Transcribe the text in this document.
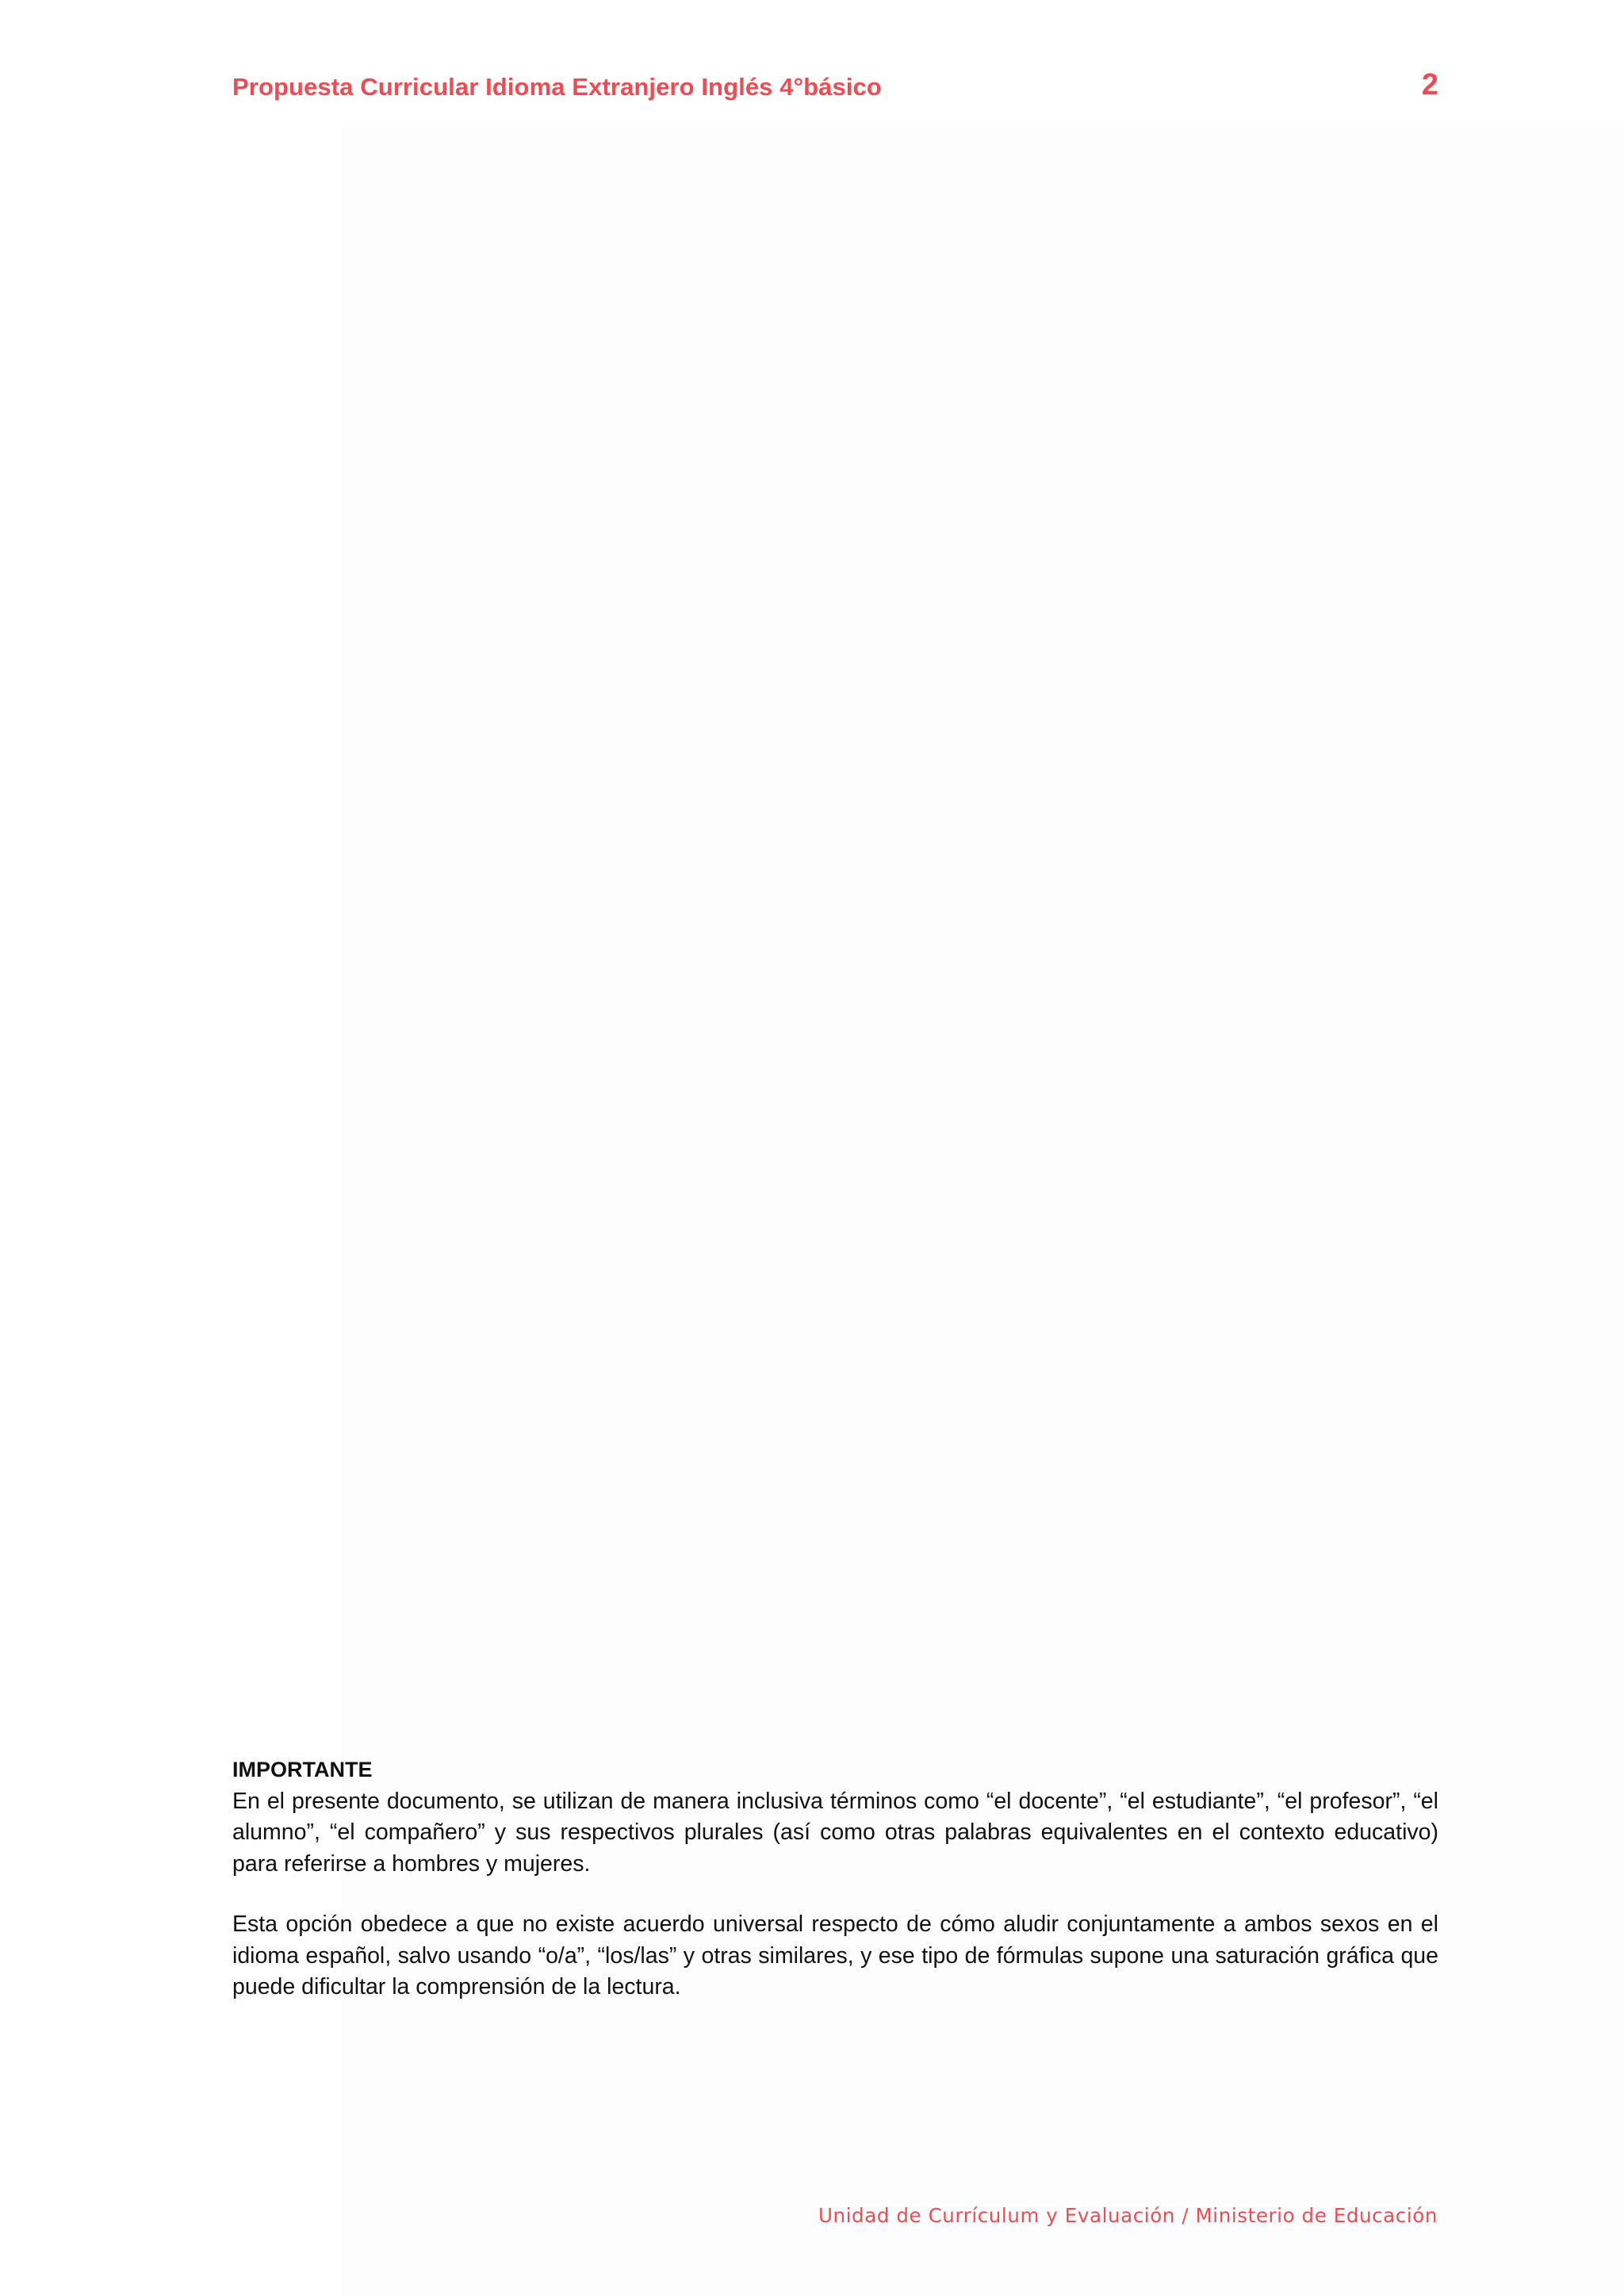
Propuesta Curricular Idioma Extranjero Inglés 4°básico	2
IMPORTANTE

En el presente documento, se utilizan de manera inclusiva términos como “el docente”, “el estudiante”, “el profesor”, “el alumno”, “el compañero” y sus respectivos plurales (así como otras palabras equivalentes en el contexto educativo) para referirse a hombres y mujeres.

Esta opción obedece a que no existe acuerdo universal respecto de cómo aludir conjuntamente a ambos sexos en el idioma español, salvo usando “o/a”, “los/las” y otras similares, y ese tipo de fórmulas supone una saturación gráfica que puede dificultar la comprensión de la lectura.

Unidad de Currículum y Evaluación / Ministerio de Educación
